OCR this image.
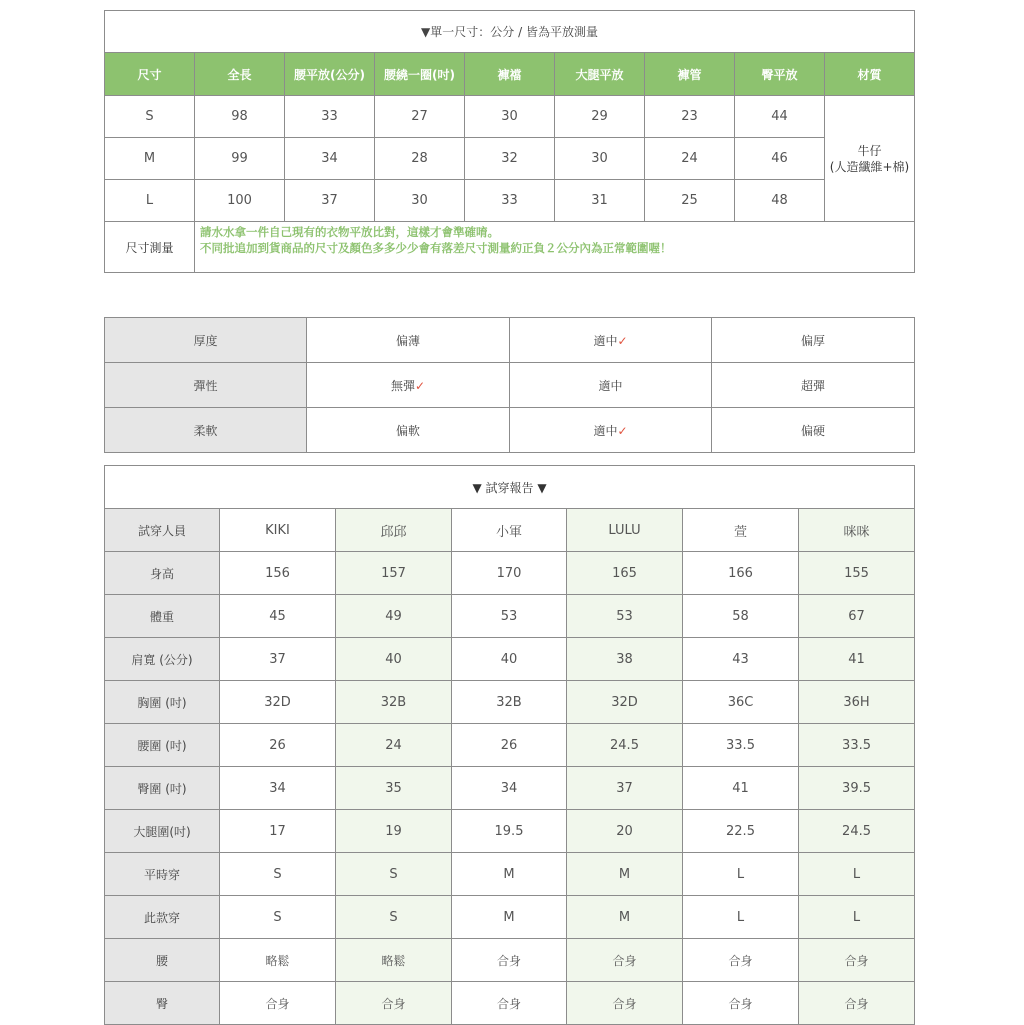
▼單一尺寸：公分 / 皆為平放測量								
尺寸	全長	腰平放(公分)	腰繞一圈(吋)	褲襠	大腿平放	褲管	臀平放	材質
S	98	33	27	30	29	23	44	牛仔
(人造纖維+棉)

M	99	34	28	32	30	24	46	
L	100	37	30	33	31	25	48	
尺寸測量	請水水拿一件自己現有的衣物平放比對，這樣才會準確唷。
不同批追加到貨商品的尺寸及顏色多多少少會有落差尺寸測量約正負２公分內為正常範圍喔！							
厚度	偏薄	適中✓	偏厚
彈性	無彈✓	適中	超彈
柔軟	偏軟	適中✓	偏硬
▼ 試穿報告 ▼						
試穿人員	KIKI	邱邱	小軍	LULU	萱	咪咪
身高	156	157	170	165	166	155
體重	45	49	53	53	58	67
肩寬 (公分)	37	40	40	38	43	41
胸圍 (吋)	32D	32B	32B	32D	36C	36H
腰圍 (吋)	26	24	26	24.5	33.5	33.5
臀圍 (吋)	34	35	34	37	41	39.5
大腿圍(吋)	17	19	19.5	20	22.5	24.5
平時穿	S	S	M	M	L	L
此款穿	S	S	M	M	L	L
腰	略鬆	略鬆	合身	合身	合身	合身
臀	合身	合身	合身	合身	合身	合身
